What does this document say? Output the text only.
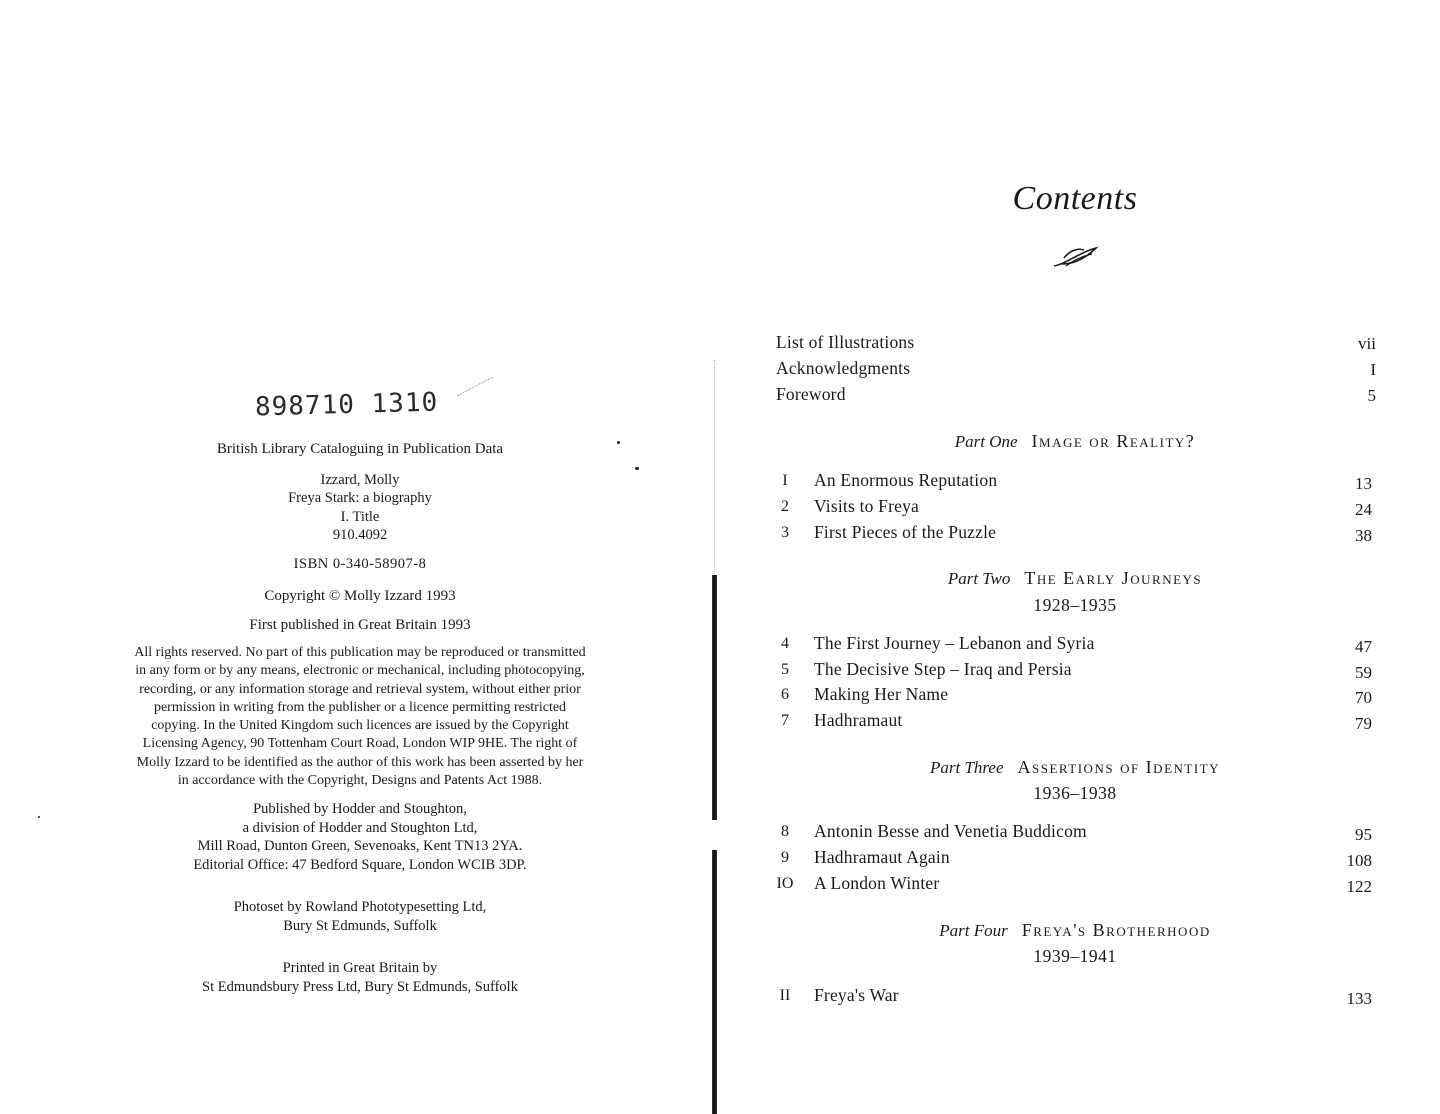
898710 1310
British Library Cataloguing in Publication Data
Izzard, Molly
Freya Stark: a biography
I. Title
910.4092
ISBN 0-340-58907-8
Copyright © Molly Izzard 1993
First published in Great Britain 1993
All rights reserved. No part of this publication may be reproduced or transmitted
in any form or by any means, electronic or mechanical, including photocopying,
recording, or any information storage and retrieval system, without either prior
permission in writing from the publisher or a licence permitting restricted
copying. In the United Kingdom such licences are issued by the Copyright
Licensing Agency, 90 Tottenham Court Road, London WIP 9HE. The right of
Molly Izzard to be identified as the author of this work has been asserted by her
in accordance with the Copyright, Designs and Patents Act 1988.
Published by Hodder and Stoughton,
a division of Hodder and Stoughton Ltd,
Mill Road, Dunton Green, Sevenoaks, Kent TN13 2YA.
Editorial Office: 47 Bedford Square, London WCIB 3DP.
Photoset by Rowland Phototypesetting Ltd,
Bury St Edmunds, Suffolk
Printed in Great Britain by
St Edmundsbury Press Ltd, Bury St Edmunds, Suffolk
Contents
List of Illustrations	vii
Acknowledgments	I
Foreword	5
Part One Image or Reality?
I	An Enormous Reputation	13
2	Visits to Freya	24
3	First Pieces of the Puzzle	38
Part Two The Early Journeys
1928–1935
4	The First Journey – Lebanon and Syria	47
5	The Decisive Step – Iraq and Persia	59
6	Making Her Name	70
7	Hadhramaut	79
Part Three Assertions of Identity
1936–1938
8	Antonin Besse and Venetia Buddicom	95
9	Hadhramaut Again	108
IO A London Winter	122
Part Four Freya's Brotherhood
1939–1941
II	Freya's War	133
